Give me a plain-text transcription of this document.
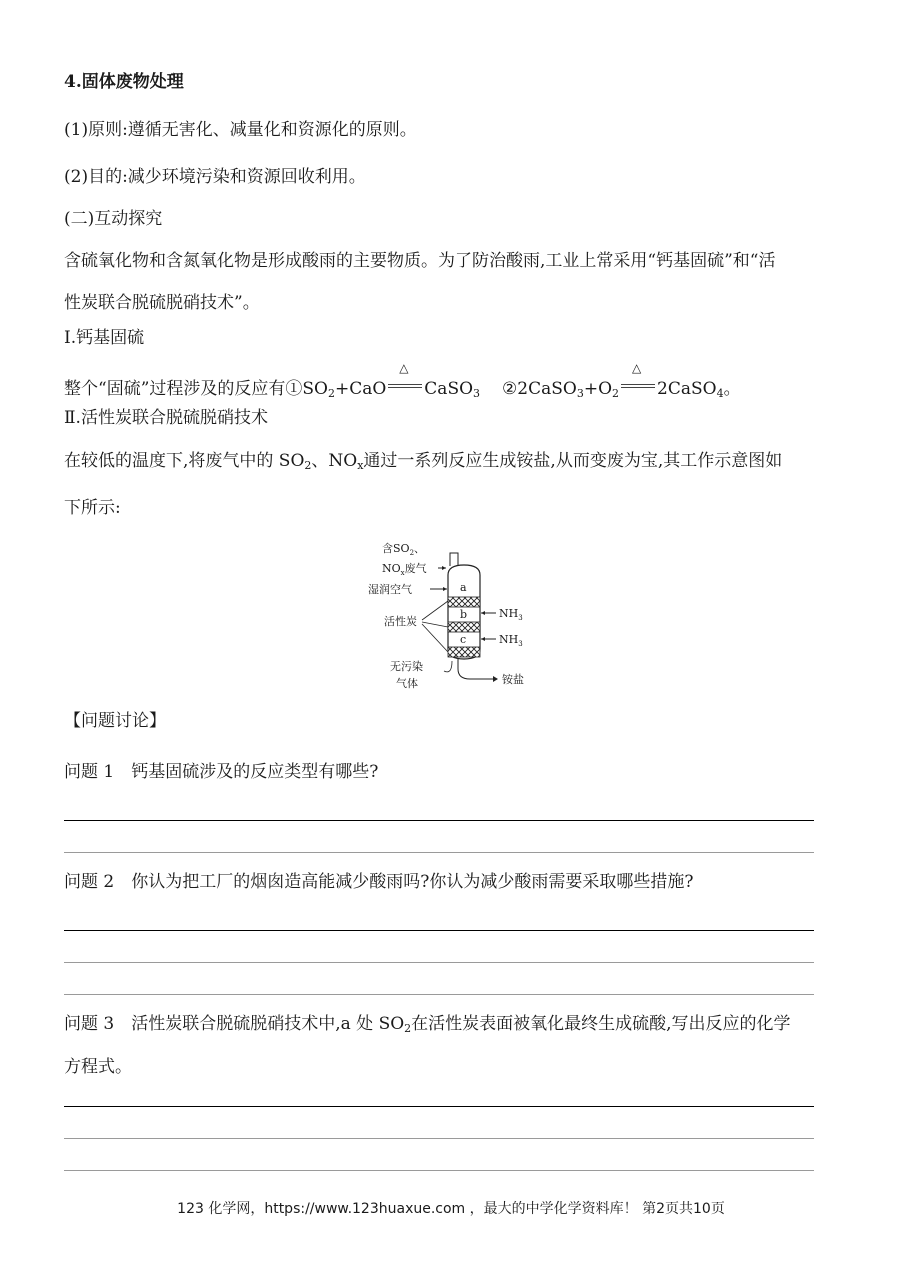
4.固体废物处理
(1)原则:遵循无害化、减量化和资源化的原则。
(2)目的:减少环境污染和资源回收利用。
(二)互动探究
含硫氧化物和含氮氧化物是形成酸雨的主要物质。为了防治酸雨,工业上常采用“钙基固硫”和“活
性炭联合脱硫脱硝技术”。
Ⅰ.钙基固硫
整个“固硫”过程涉及的反应有$①SO_2+CaO$
△
CaSO$_3$ $②2CaSO_3+O_2$
△
2CaSO$_4$。
Ⅱ.活性炭联合脱硫脱硝技术
在较低的温度下,将废气中的 $SO_2$、$NO_x$通过一系列反应生成铵盐,从而变废为宝,其工作示意图如
下所示:
a
b
c
含$SO_2$、
$NO_x$废气
湿润空气
活性炭
$NH_3$
$NH_3$
铵盐
无污染
气体
【问题讨论】
问题 1　钙基固硫涉及的反应类型有哪些?
问题 2　你认为把工厂的烟囱造高能减少酸雨吗?你认为减少酸雨需要采取哪些措施?
问题 3　活性炭联合脱硫脱硝技术中,a 处 $SO_2$在活性炭表面被氧化最终生成硫酸,写出反应的化学
方程式。
123 化学网，https://www.123huaxue.com ，最大的中学化学资料库！ 第2页共10页
